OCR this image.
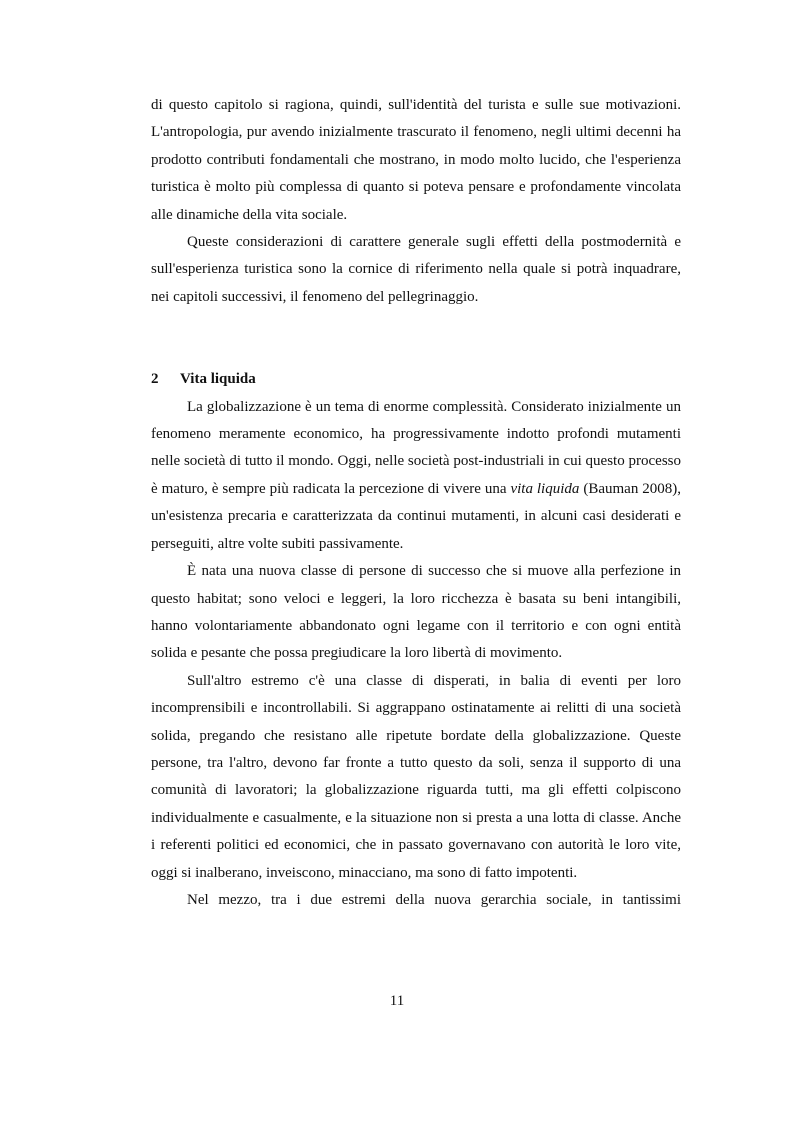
di questo capitolo si ragiona, quindi, sull'identità del turista e sulle sue motivazioni. L'antropologia, pur avendo inizialmente trascurato il fenomeno, negli ultimi decenni ha prodotto contributi fondamentali che mostrano, in modo molto lucido, che l'esperienza turistica è molto più complessa di quanto si poteva pensare e profondamente vincolata alle dinamiche della vita sociale.

Queste considerazioni di carattere generale sugli effetti della postmodernità e sull'esperienza turistica sono la cornice di riferimento nella quale si potrà inquadrare, nei capitoli successivi, il fenomeno del pellegrinaggio.

2 Vita liquida

La globalizzazione è un tema di enorme complessità. Considerato inizialmente un fenomeno meramente economico, ha progressivamente indotto profondi mutamenti nelle società di tutto il mondo. Oggi, nelle società post-industriali in cui questo processo è maturo, è sempre più radicata la percezione di vivere una vita liquida (Bauman 2008), un'esistenza precaria e caratterizzata da continui mutamenti, in alcuni casi desiderati e perseguiti, altre volte subiti passivamente.

È nata una nuova classe di persone di successo che si muove alla perfezione in questo habitat; sono veloci e leggeri, la loro ricchezza è basata su beni intangibili, hanno volontariamente abbandonato ogni legame con il territorio e con ogni entità solida e pesante che possa pregiudicare la loro libertà di movimento.

Sull'altro estremo c'è una classe di disperati, in balia di eventi per loro incomprensibili e incontrollabili. Si aggrappano ostinatamente ai relitti di una società solida, pregando che resistano alle ripetute bordate della globalizzazione. Queste persone, tra l'altro, devono far fronte a tutto questo da soli, senza il supporto di una comunità di lavoratori; la globalizzazione riguarda tutti, ma gli effetti colpiscono individualmente e casualmente, e la situazione non si presta a una lotta di classe. Anche i referenti politici ed economici, che in passato governavano con autorità le loro vite, oggi si inalberano, inveiscono, minacciano, ma sono di fatto impotenti.

Nel mezzo, tra i due estremi della nuova gerarchia sociale, in tantissimi

11
